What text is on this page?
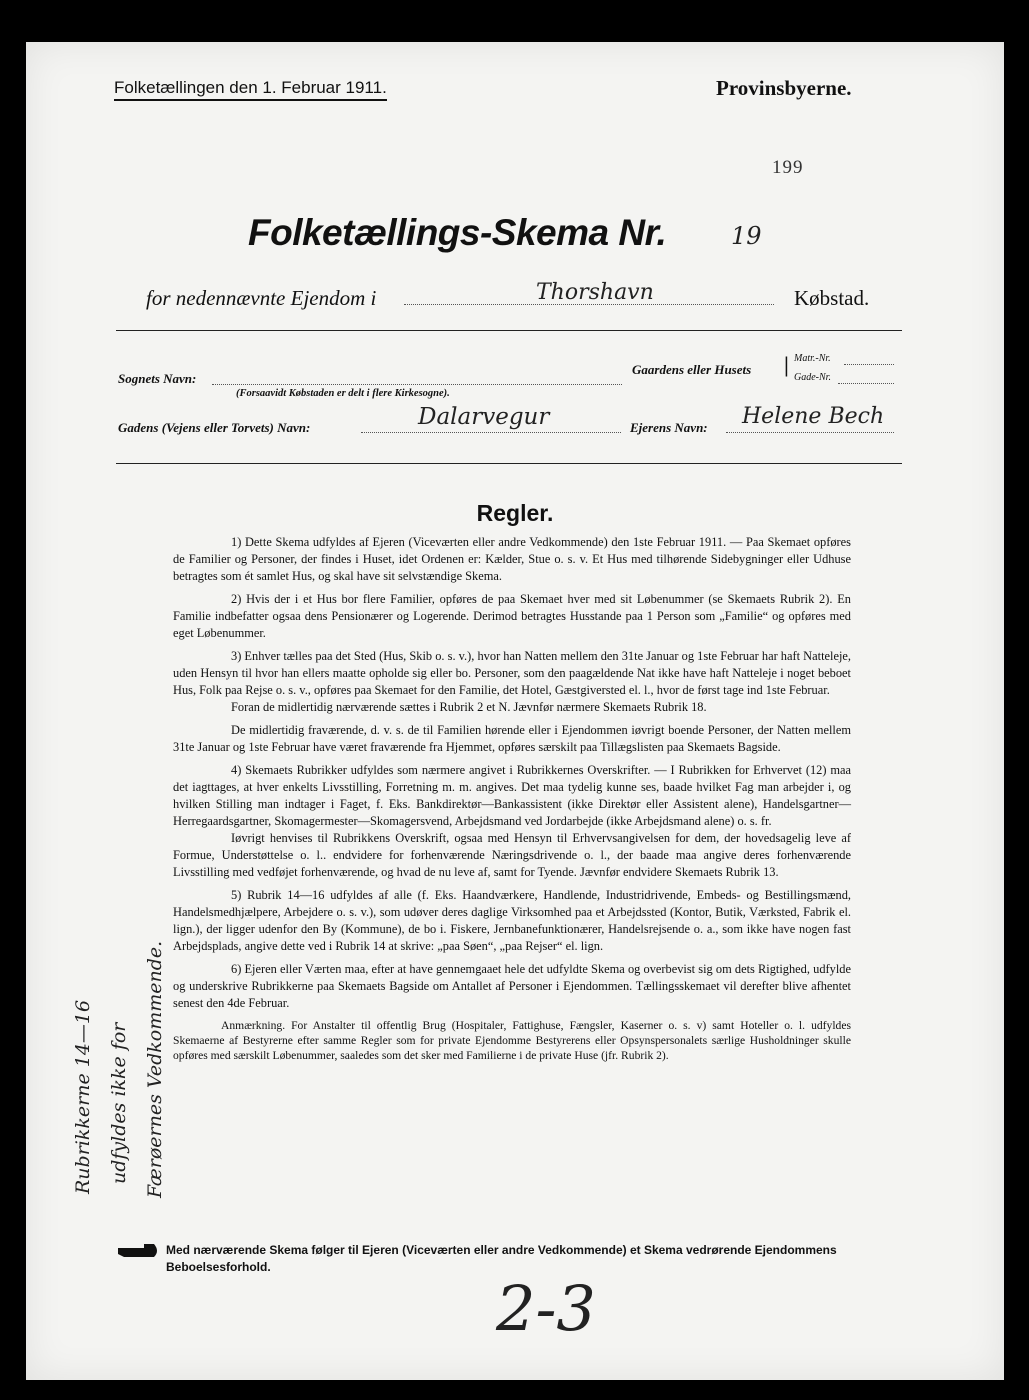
Folketællingen den 1. Februar 1911.	Provinsbyerne.
199
Folketællings-Skema Nr.	19
for nedennævnte Ejendom i	Thorshavn	Købstad.
Sognets Navn:
(Forsaavidt Købstaden er delt i flere Kirkesogne).
Gaardens eller Husets | Matr.-Nr.
Gade-Nr.
Gadens (Vejens eller Torvets) Navn:	Dalarvegur	Ejerens Navn: Helene Bech
Regler.

1) Dette Skema udfyldes af Ejeren (Viceværten eller andre Vedkommende) den 1ste Februar 1911. — Paa Skemaet opføres de Familier og Personer, der findes i Huset, idet Ordenen er: Kælder, Stue o. s. v. Et Hus med tilhørende Sidebygninger eller Udhuse betragtes som ét samlet Hus, og skal have sit selvstændige Skema.

2) Hvis der i et Hus bor flere Familier, opføres de paa Skemaet hver med sit Løbenummer (se Skemaets Rubrik 2). En Familie indbefatter ogsaa dens Pensionærer og Logerende. Derimod betragtes Husstande paa 1 Person som „Familie“ og opføres med eget Løbenummer.

3) Enhver tælles paa det Sted (Hus, Skib o. s. v.), hvor han Natten mellem den 31te Januar og 1ste Februar har haft Natteleje, uden Hensyn til hvor han ellers maatte opholde sig eller bo. Personer, som den paagældende Nat ikke have haft Natteleje i noget beboet Hus, Folk paa Rejse o. s. v., opføres paa Skemaet for den Familie, det Hotel, Gæstgiversted el. l., hvor de først tage ind 1ste Februar.

Foran de midlertidig nærværende sættes i Rubrik 2 et N. Jævnfør nærmere Skemaets Rubrik 18.

De midlertidig fraværende, d. v. s. de til Familien hørende eller i Ejendommen iøvrigt boende Personer, der Natten mellem 31te Januar og 1ste Februar have været fraværende fra Hjemmet, opføres særskilt paa Tillægslisten paa Skemaets Bagside.

4) Skemaets Rubrikker udfyldes som nærmere angivet i Rubrikkernes Overskrifter. — I Rubrikken for Erhvervet (12) maa det iagttages, at hver enkelts Livsstilling, Forretning m. m. angives. Det maa tydelig kunne ses, baade hvilket Fag man arbejder i, og hvilken Stilling man indtager i Faget, f. Eks. Bankdirektør—Bankassistent (ikke Direktør eller Assistent alene), Handelsgartner—Herregaardsgartner, Skomagermester—Skomagersvend, Arbejdsmand ved Jordarbejde (ikke Arbejdsmand alene) o. s. fr.

Iøvrigt henvises til Rubrikkens Overskrift, ogsaa med Hensyn til Erhvervsangivelsen for dem, der hovedsagelig leve af Formue, Understøttelse o. l.. endvidere for forhenværende Næringsdrivende o. l., der baade maa angive deres forhenværende Livsstilling med vedføjet forhenværende, og hvad de nu leve af, samt for Tyende. Jævnfør endvidere Skemaets Rubrik 13.

5) Rubrik 14—16 udfyldes af alle (f. Eks. Haandværkere, Handlende, Industridrivende, Embeds- og Bestillingsmænd, Handelsmedhjælpere, Arbejdere o. s. v.), som udøver deres daglige Virksomhed paa et Arbejdssted (Kontor, Butik, Værksted, Fabrik el. lign.), der ligger udenfor den By (Kommune), de bo i. Fiskere, Jernbanefunktionærer, Handelsrejsende o. a., som ikke have nogen fast Arbejdsplads, angive dette ved i Rubrik 14 at skrive: „paa Søen“, „paa Rejser“ el. lign.

6) Ejeren eller Værten maa, efter at have gennemgaaet hele det udfyldte Skema og overbevist sig om dets Rigtighed, udfylde og underskrive Rubrikkerne paa Skemaets Bagside om Antallet af Personer i Ejendommen. Tællingsskemaet vil derefter blive afhentet senest den 4de Februar.

Anmærkning. For Anstalter til offentlig Brug (Hospitaler, Fattighuse, Fængsler, Kaserner o. s. v) samt Hoteller o. l. udfyldes Skemaerne af Bestyrerne efter samme Regler som for private Ejendomme Bestyrerens eller Opsynspersonalets særlige Husholdninger skulle opføres med særskilt Løbenummer, saaledes som det sker med Familierne i de private Huse (jfr. Rubrik 2).

Rubrikkerne 14—16 udfyldes ikke for Færøernes Vedkommende.
Med nærværende Skema følger til Ejeren (Viceværten eller andre Vedkommende) et Skema vedrørende Ejendommens Beboelsesforhold.
2-3
